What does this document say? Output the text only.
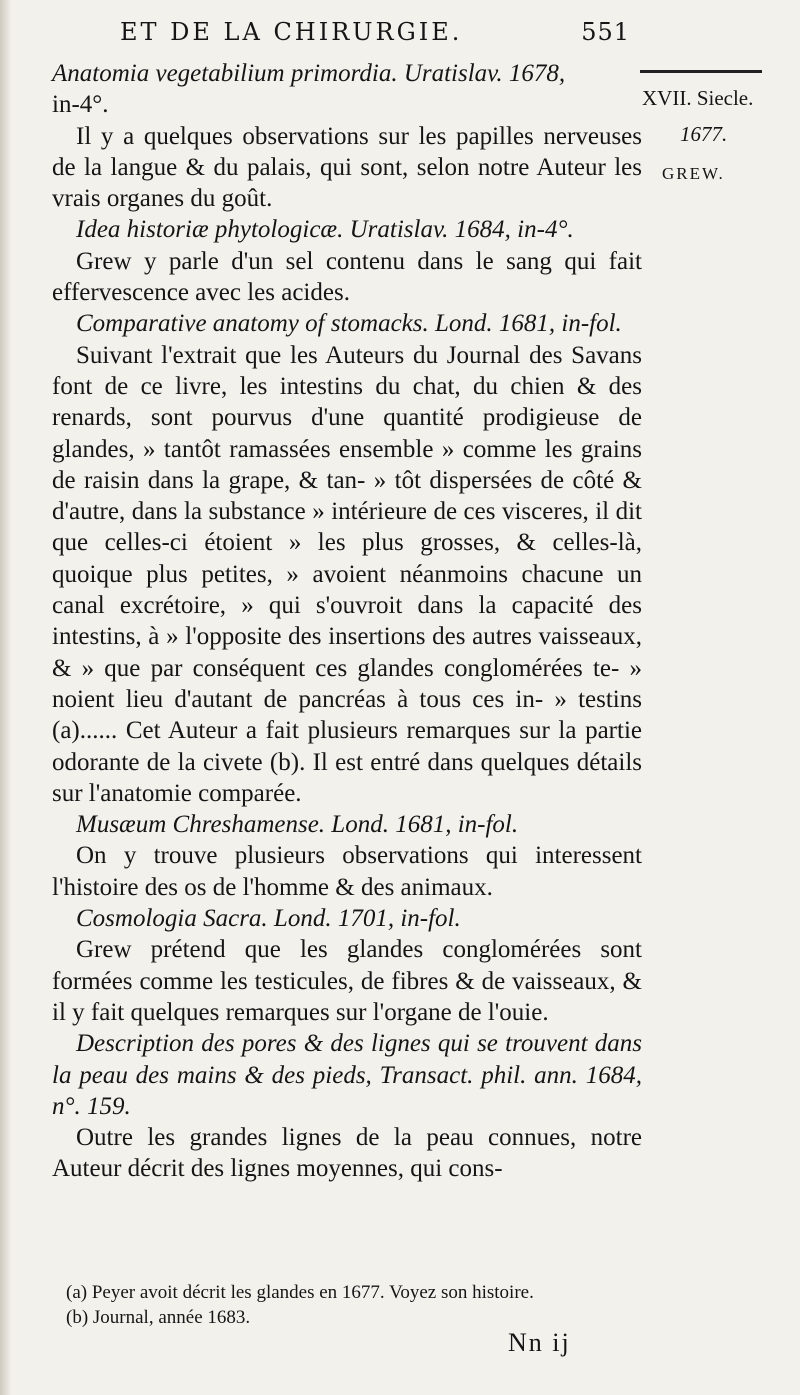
ET DE LA CHIRURGIE.	551
XVII. Siecle.
1677.
GREW.

Anatomia vegetabilium primordia. Uratislav. 1678,

in-4°.

Il y a quelques observations sur les papilles nerveuses de la langue & du palais, qui sont, selon notre Auteur les vrais organes du goût.

Idea historiæ phytologicæ. Uratislav. 1684, in-4°.

Grew y parle d'un sel contenu dans le sang qui fait effervescence avec les acides.

Comparative anatomy of stomacks. Lond. 1681, in-fol.

Suivant l'extrait que les Auteurs du Journal des Savans font de ce livre, les intestins du chat, du chien & des renards, sont pourvus d'une quantité prodigieuse de glandes, » tantôt ramassées ensemble » comme les grains de raisin dans la grape, & tan- » tôt dispersées de côté & d'autre, dans la substance » intérieure de ces visceres, il dit que celles-ci étoient » les plus grosses, & celles-là, quoique plus petites, » avoient néanmoins chacune un canal excrétoire, » qui s'ouvroit dans la capacité des intestins, à » l'opposite des insertions des autres vaisseaux, & » que par conséquent ces glandes conglomérées te- » noient lieu d'autant de pancréas à tous ces in- » testins (a)...... Cet Auteur a fait plusieurs remarques sur la partie odorante de la civete (b). Il est entré dans quelques détails sur l'anatomie comparée.

Musæum Chreshamense. Lond. 1681, in-fol.

On y trouve plusieurs observations qui interessent l'histoire des os de l'homme & des animaux.

Cosmologia Sacra. Lond. 1701, in-fol.

Grew prétend que les glandes conglomérées sont formées comme les testicules, de fibres & de vaisseaux, & il y fait quelques remarques sur l'organe de l'ouie.

Description des pores & des lignes qui se trouvent dans la peau des mains & des pieds, Transact. phil. ann. 1684, n°. 159.

Outre les grandes lignes de la peau connues, notre Auteur décrit des lignes moyennes, qui cons-

(a) Peyer avoit décrit les glandes en 1677. Voyez son histoire.

(b) Journal, année 1683.

Nn ij
